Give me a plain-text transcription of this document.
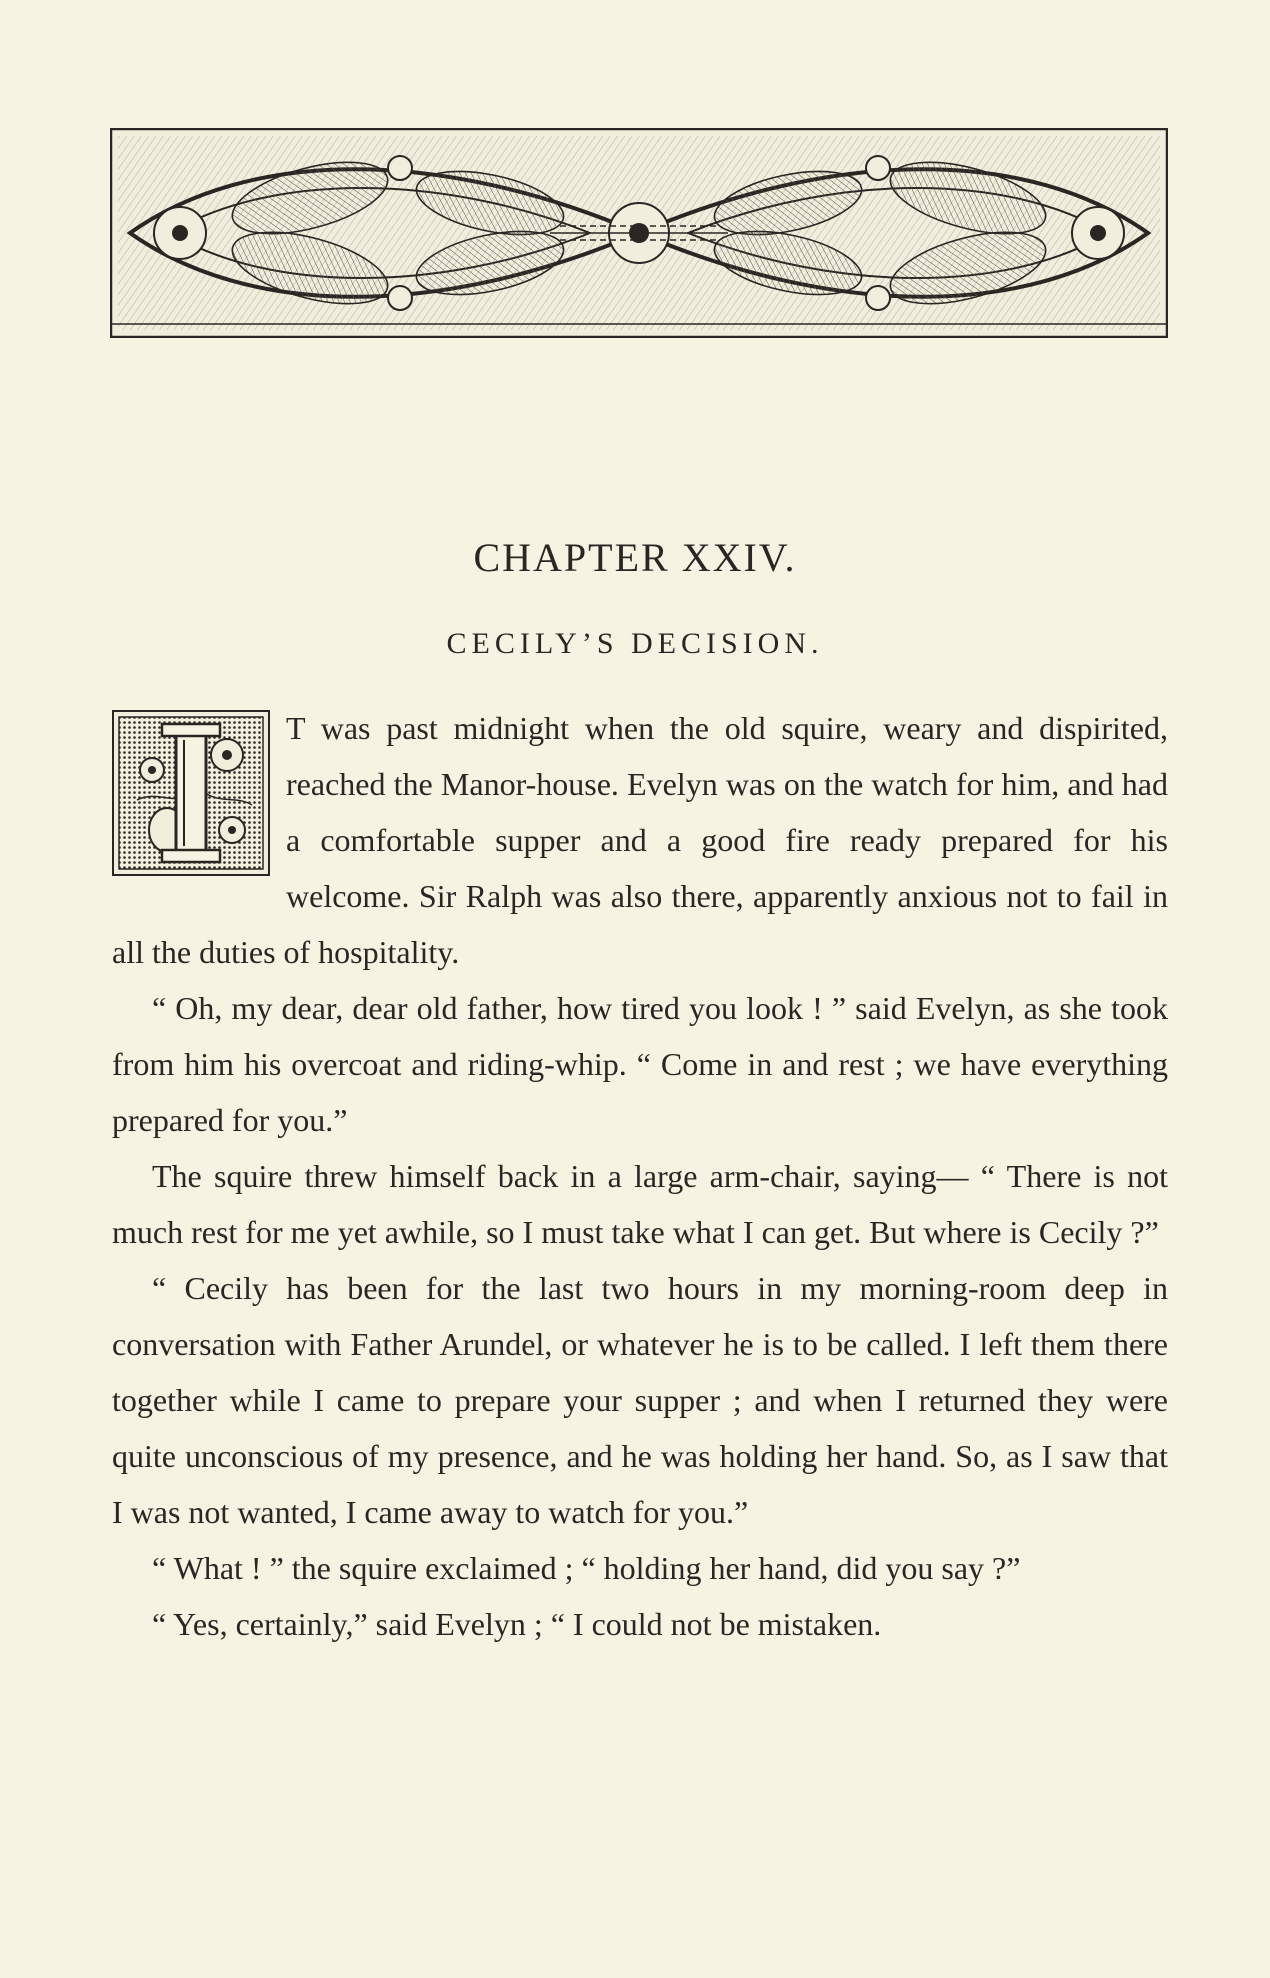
CHAPTER XXIV.
CECILY’S DECISION.

T was past midnight when the old squire, weary and dispirited, reached the Manor-house. Evelyn was on the watch for him, and had a comfortable supper and a good fire ready prepared for his welcome. Sir Ralph was also there, apparently anxious not to fail in all the duties of hospitality.

“ Oh, my dear, dear old father, how tired you look ! ” said Evelyn, as she took from him his overcoat and riding-whip. “ Come in and rest ; we have everything prepared for you.”

The squire threw himself back in a large arm-chair, saying— “ There is not much rest for me yet awhile, so I must take what I can get. But where is Cecily ?”

“ Cecily has been for the last two hours in my morning-room deep in conversation with Father Arundel, or whatever he is to be called. I left them there together while I came to prepare your supper ; and when I returned they were quite unconscious of my presence, and he was holding her hand. So, as I saw that I was not wanted, I came away to watch for you.”

“ What ! ” the squire exclaimed ; “ holding her hand, did you say ?”

“ Yes, certainly,” said Evelyn ; “ I could not be mistaken.
